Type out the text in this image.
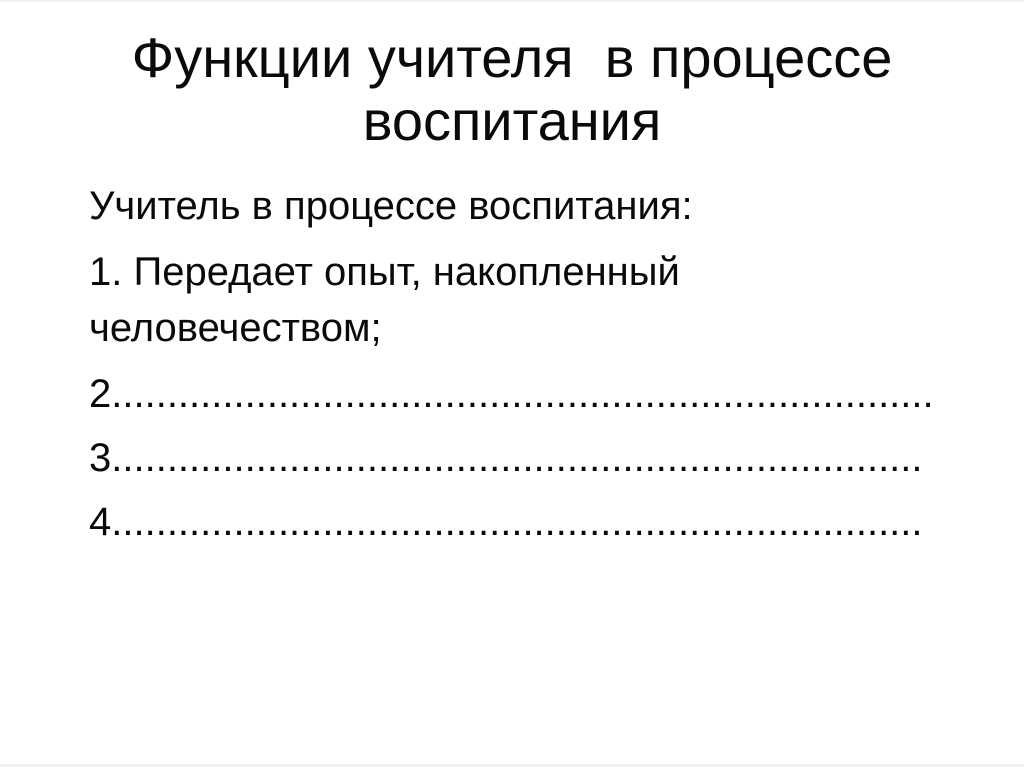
Функции учителя  в процессе
воспитания

Учитель в процессе воспитания:

1. Передает опыт, накопленный человечеством;

2..........................................................................

3.........................................................................

4.........................................................................
